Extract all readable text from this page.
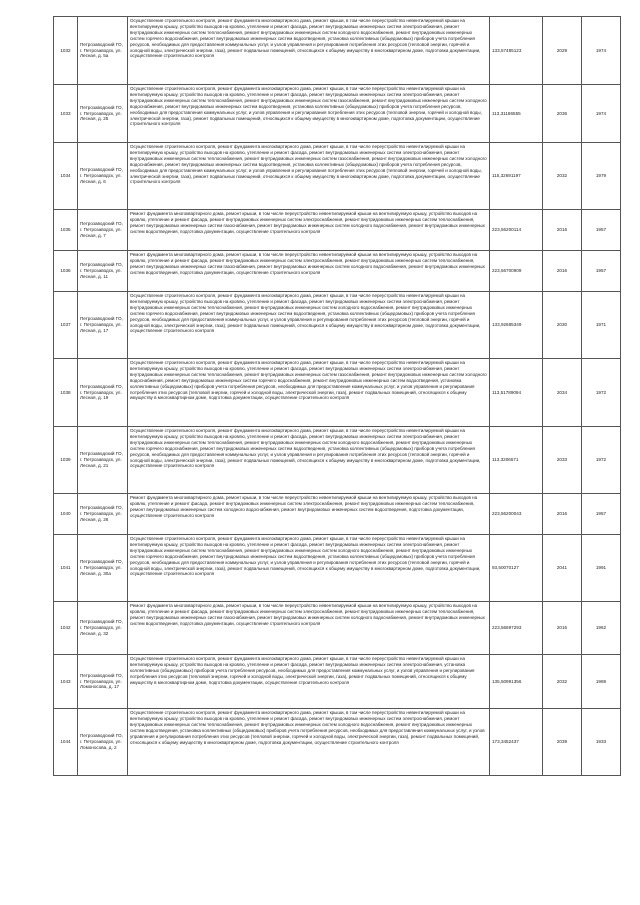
1032	Петрозаводский ГО, г. Петрозаводск, ул. Лесная, д. 5а	Осуществление строительного контроля, ремонт фундамента многоквартирного дома, ремонт крыши, в том числе переустройство невентилируемой крыши на вентилируемую крышу, устройство выходов на кровлю, утепление и ремонт фасада, ремонт внутридомовых инженерных систем электроснабжения, ремонт внутридомовых инженерных систем теплоснабжения, ремонт внутридомовых инженерных систем холодного водоснабжения, ремонт внутридомовых инженерных систем горячего водоснабжения, ремонт внутридомовых инженерных систем водоотведения, установка коллективных (общедомовых) приборов учета потребления ресурсов, необходимых для предоставления коммунальных услуг, и узлов управления и регулирования потребления этих ресурсов (тепловой энергии, горячей и холодной воды, электрической энергии, газа), ремонт подвальных помещений, относящихся к общему имуществу в многоквартирном доме, подготовка документации, осуществление строительного контроля	133,57485123	2029	1974
1033	Петрозаводский ГО, г. Петрозаводск, ул. Лесная, д. 25	Осуществление строительного контроля, ремонт фундамента многоквартирного дома, ремонт крыши, в том числе переустройство невентилируемой крыши на вентилируемую крышу, устройство выходов на кровлю, утепление и ремонт фасада, ремонт внутридомовых инженерных систем электроснабжения, ремонт внутридомовых инженерных систем теплоснабжения, ремонт внутридомовых инженерных систем газоснабжения, ремонт внутридомовых инженерных систем холодного водоснабжения, ремонт внутридомовых инженерных систем водоотведения, установка коллективных (общедомовых) приборов учета потребления ресурсов, необходимых для предоставления коммунальных услуг, и узлов управления и регулирования потребления этих ресурсов (тепловой энергии, горячей и холодной воды, электрической энергии, газа), ремонт подвальных помещений, относящихся к общему имуществу в многоквартирном доме, подготовка документации, осуществление строительного контроля	113,31186555	2036	1974
1034	Петрозаводский ГО, г. Петрозаводск, ул. Лесная, д. 6	Осуществление строительного контроля, ремонт фундамента многоквартирного дома, ремонт крыши, в том числе переустройство невентилируемой крыши на вентилируемую крышу, устройство выходов на кровлю, утепление и ремонт фасада, ремонт внутридомовых инженерных систем электроснабжения, ремонт внутридомовых инженерных систем теплоснабжения, ремонт внутридомовых инженерных систем газоснабжения, ремонт внутридомовых инженерных систем холодного водоснабжения, ремонт внутридомовых инженерных систем водоотведения, установка коллективных (общедомовых) приборов учета потребления ресурсов, необходимых для предоставления коммунальных услуг, и узлов управления и регулирования потребления этих ресурсов (тепловой энергии, горячей и холодной воды, электрической энергии, газа), ремонт подвальных помещений, относящихся к общему имуществу в многоквартирном доме, подготовка документации, осуществление строительного контроля	115,32691197	2032	1979
1035	Петрозаводский ГО, г. Петрозаводск, ул. Лесная, д. 7	Ремонт фундамента многоквартирного дома, ремонт крыши, в том числе переустройство невентилируемой крыши на вентилируемую крышу, устройство выходов на кровлю, утепление и ремонт фасада, ремонт внутридомовых инженерных систем электроснабжения, ремонт внутридомовых инженерных систем теплоснабжения, ремонт внутридомовых инженерных систем газоснабжения, ремонт внутридомовых инженерных систем холодного водоснабжения, ремонт внутридомовых инженерных систем водоотведения, подготовка документации, осуществление строительного контроля	223,56200114	2016	1957
1036	Петрозаводский ГО, г. Петрозаводск, ул. Лесная, д. 11	Ремонт фундамента многоквартирного дома, ремонт крыши, в том числе переустройство невентилируемой крыши на вентилируемую крышу, устройство выходов на кровлю, утепление и ремонт фасада, ремонт внутридомовых инженерных систем электроснабжения, ремонт внутридомовых инженерных систем теплоснабжения, ремонт внутридомовых инженерных систем газоснабжения, ремонт внутридомовых инженерных систем холодного водоснабжения, ремонт внутридомовых инженерных систем водоотведения, подготовка документации, осуществление строительного контроля	223,56700909	2016	1957
1037	Петрозаводский ГО, г. Петрозаводск, ул. Лесная, д. 17	Осуществление строительного контроля, ремонт фундамента многоквартирного дома, ремонт крыши, в том числе переустройство невентилируемой крыши на вентилируемую крышу, устройство выходов на кровлю, утепление и ремонт фасада, ремонт внутридомовых инженерных систем электроснабжения, ремонт внутридомовых инженерных систем теплоснабжения, ремонт внутридомовых инженерных систем холодного водоснабжения, ремонт внутридомовых инженерных систем горячего водоснабжения, ремонт внутридомовых инженерных систем водоотведения, установка коллективных (общедомовых) приборов учета потребления ресурсов, необходимых для предоставления коммунальных услуг, и узлов управления и регулирования потребления этих ресурсов (тепловой энергии, горячей и холодной воды, электрической энергии, газа), ремонт подвальных помещений, относящихся к общему имуществу в многоквартирном доме, подготовка документации, осуществление строительного контроля	133,92685349	2030	1971
1038	Петрозаводский ГО, г. Петрозаводск, ул. Лесная, д. 19	Осуществление строительного контроля, ремонт фундамента многоквартирного дома, ремонт крыши, в том числе переустройство невентилируемой крыши на вентилируемую крышу, устройство выходов на кровлю, утепление и ремонт фасада, ремонт внутридомовых инженерных систем электроснабжения, ремонт внутридомовых инженерных систем теплоснабжения, ремонт внутридомовых инженерных систем газоснабжения, ремонт внутридомовых инженерных систем холодного водоснабжения, ремонт внутридомовых инженерных систем горячего водоснабжения, ремонт внутридомовых инженерных систем водоотведения, установка коллективных (общедомовых) приборов учета потребления ресурсов, необходимых для предоставления коммунальных услуг, и узлов управления и регулирования потребления этих ресурсов (тепловой энергии, горячей и холодной воды, электрической энергии, газа), ремонт подвальных помещений, относящихся к общему имуществу в многоквартирном доме, подготовка документации, осуществление строительного контроля	113,51789094	2034	1972
1039	Петрозаводский ГО, г. Петрозаводск, ул. Лесная, д. 21	Осуществление строительного контроля, ремонт фундамента многоквартирного дома, ремонт крыши, в том числе переустройство невентилируемой крыши на вентилируемую крышу, устройство выходов на кровлю, утепление и ремонт фасада, ремонт внутридомовых инженерных систем электроснабжения, ремонт внутридомовых инженерных систем теплоснабжения, ремонт внутридомовых инженерных систем холодного водоснабжения, ремонт внутридомовых инженерных систем горячего водоснабжения, ремонт внутридомовых инженерных систем водоотведения, установка коллективных (общедомовых) приборов учета потребления ресурсов, необходимых для предоставления коммунальных услуг, и узлов управления и регулирования потребления этих ресурсов (тепловой энергии, горячей и холодной воды, электрической энергии, газа), ремонт подвальных помещений, относящихся к общему имуществу в многоквартирном доме, подготовка документации, осуществление строительного контроля	113,3206571	2033	1972
1040	Петрозаводский ГО, г. Петрозаводск, ул. Лесная, д. 26	Ремонт фундамента многоквартирного дома, ремонт крыши, в том числе переустройство невентилируемой крыши на вентилируемую крышу, устройство выходов на кровлю, утепление и ремонт фасада, ремонт внутридомовых инженерных систем электроснабжения, ремонт внутридомовых инженерных систем теплоснабжения, ремонт внутридомовых инженерных систем холодного водоснабжения, ремонт внутридомовых инженерных систем водоотведения, подготовка документации, осуществление строительного контроля	223,56200043	2016	1957
1041	Петрозаводский ГО, г. Петрозаводск, ул. Лесная, д. 30а	Осуществление строительного контроля, ремонт фундамента многоквартирного дома, ремонт крыши, в том числе переустройство невентилируемой крыши на вентилируемую крышу, устройство выходов на кровлю, утепление и ремонт фасада, ремонт внутридомовых инженерных систем электроснабжения, ремонт внутридомовых инженерных систем теплоснабжения, ремонт внутридомовых инженерных систем холодного водоснабжения, ремонт внутридомовых инженерных систем горячего водоснабжения, ремонт внутридомовых инженерных систем водоотведения, установка коллективных (общедомовых) приборов учета потребления ресурсов, необходимых для предоставления коммунальных услуг, и узлов управления и регулирования потребления этих ресурсов (тепловой энергии, горячей и холодной воды, электрической энергии, газа), ремонт подвальных помещений, относящихся к общему имуществу в многоквартирном доме, подготовка документации, осуществление строительного контроля	93,50070127	2041	1991
1042	Петрозаводский ГО, г. Петрозаводск, ул. Лесная, д. 32	Ремонт фундамента многоквартирного дома, ремонт крыши, в том числе переустройство невентилируемой крыши на вентилируемую крышу, устройство выходов на кровлю, утепление и ремонт фасада, ремонт внутридомовых инженерных систем электроснабжения, ремонт внутридомовых инженерных систем теплоснабжения, ремонт внутридомовых инженерных систем газоснабжения, ремонт внутридомовых инженерных систем холодного водоснабжения, ремонт внутридомовых инженерных систем водоотведения, подготовка документации, осуществление строительного контроля	223,56697293	2016	1962
1043	Петрозаводский ГО, г. Петрозаводск, ул. Ломоносова, д. 17	Осуществление строительного контроля, ремонт фундамента многоквартирного дома, ремонт крыши, в том числе переустройство невентилируемой крыши на вентилируемую крышу, устройство выходов на кровлю, утепление и ремонт фасада, ремонт внутридомовых инженерных систем электроснабжения, установка коллективных (общедомовых) приборов учета потребления ресурсов, необходимых для предоставления коммунальных услуг, и узлов управления и регулирования потребления этих ресурсов (тепловой энергии, горячей и холодной воды, электрической энергии, газа), ремонт подвальных помещений, относящихся к общему имуществу в многоквартирном доме, подготовка документации, осуществление строительного контроля	135,50991356	2032	1989
1044	Петрозаводский ГО, г. Петрозаводск, ул. Ломоносова, д. 2	Осуществление строительного контроля, ремонт фундамента многоквартирного дома, ремонт крыши, в том числе переустройство невентилируемой крыши на вентилируемую крышу, устройство выходов на кровлю, утепление и ремонт фасада, ремонт внутридомовых инженерных систем электроснабжения, ремонт внутридомовых инженерных систем теплоснабжения, ремонт внутридомовых инженерных систем холодного водоснабжения, ремонт внутридомовых инженерных систем водоотведения, установка коллективных (общедомовых) приборов учета потребления ресурсов, необходимых для предоставления коммунальных услуг, и узлов управления и регулирования потребления этих ресурсов (тепловой энергии, горячей и холодной воды, электрической энергии, газа), ремонт подвальных помещений, относящихся к общему имуществу в многоквартирном доме, подготовка документации, осуществление строительного контроля	173,3452437	2039	1933
